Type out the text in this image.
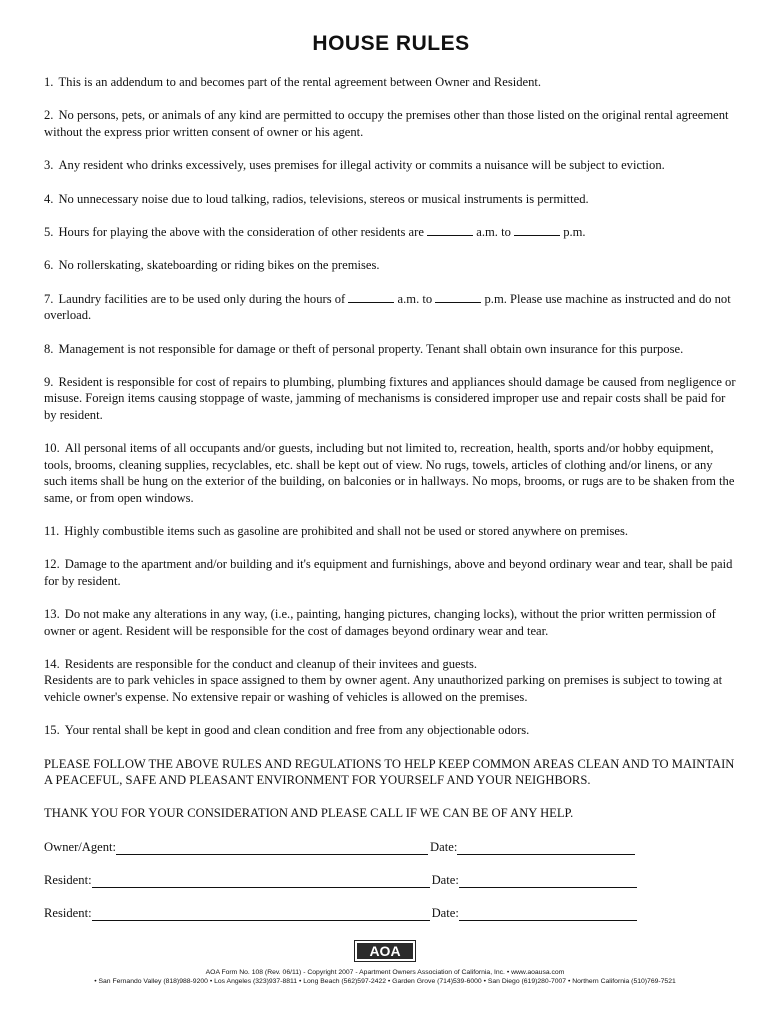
HOUSE RULES

1. This is an addendum to and becomes part of the rental agreement between Owner and Resident.

2. No persons, pets, or animals of any kind are permitted to occupy the premises other than those listed on the original rental agreement without the express prior written consent of owner or his agent.

3. Any resident who drinks excessively, uses premises for illegal activity or commits a nuisance will be subject to eviction.

4. No unnecessary noise due to loud talking, radios, televisions, stereos or musical instruments is permitted.

5. Hours for playing the above with the consideration of other residents are	a.m. to	p.m.

6. No rollerskating, skateboarding or riding bikes on the premises.

7. Laundry facilities are to be used only during the hours of	a.m. to	p.m. Please use machine as instructed and do not overload.

8. Management is not responsible for damage or theft of personal property. Tenant shall obtain own insurance for this purpose.

9. Resident is responsible for cost of repairs to plumbing, plumbing fixtures and appliances should damage be caused from negligence or misuse. Foreign items causing stoppage of waste, jamming of mechanisms is considered improper use and repair costs shall be paid for by resident.

10. All personal items of all occupants and/or guests, including but not limited to, recreation, health, sports and/or hobby equipment, tools, brooms, cleaning supplies, recyclables, etc. shall be kept out of view. No rugs, towels, articles of clothing and/or linens, or any such items shall be hung on the exterior of the building, on balconies or in hallways. No mops, brooms, or rugs are to be shaken from the same, or from open windows.

11. Highly combustible items such as gasoline are prohibited and shall not be used or stored anywhere on premises.

12. Damage to the apartment and/or building and it's equipment and furnishings, above and beyond ordinary wear and tear, shall be paid for by resident.

13. Do not make any alterations in any way, (i.e., painting, hanging pictures, changing locks), without the prior written permission of owner or agent. Resident will be responsible for the cost of damages beyond ordinary wear and tear.

14. Residents are responsible for the conduct and cleanup of their invitees and guests.
Residents are to park vehicles in space assigned to them by owner agent. Any unauthorized parking on premises is subject to towing at vehicle owner's expense. No extensive repair or washing of vehicles is allowed on the premises.

15. Your rental shall be kept in good and clean condition and free from any objectionable odors.

PLEASE FOLLOW THE ABOVE RULES AND REGULATIONS TO HELP KEEP COMMON AREAS CLEAN AND TO MAINTAIN A PEACEFUL, SAFE AND PLEASANT ENVIRONMENT FOR YOURSELF AND YOUR NEIGHBORS.

THANK YOU FOR YOUR CONSIDERATION AND PLEASE CALL IF WE CAN BE OF ANY HELP.

Owner/Agent:	Date:
Resident:	Date:
Resident:	Date:
AOA
AOA Form No. 108 (Rev. 06/11) - Copyright 2007 - Apartment Owners Association of California, Inc. • www.aoausa.com
• San Fernando Valley (818)988-9200 • Los Angeles (323)937-8811 • Long Beach (562)597-2422 • Garden Grove (714)539-6000 • San Diego (619)280-7007 • Northern California (510)769-7521
